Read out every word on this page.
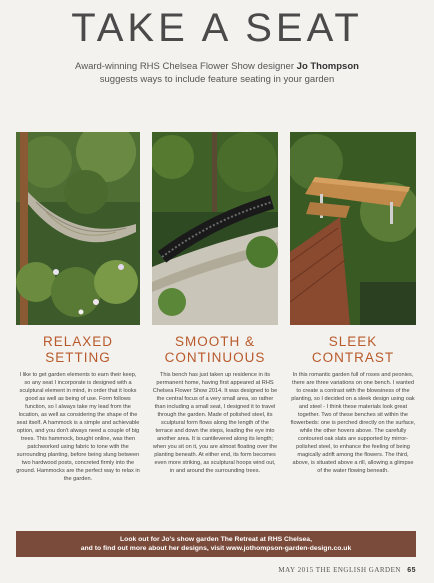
TAKE A SEAT
Award-winning RHS Chelsea Flower Show designer Jo Thompson
suggests ways to include feature seating in your garden
RELAXED
SETTING
I like to get garden elements to earn their keep, so any seat I incorporate is designed with a sculptural element in mind, in order that it looks good as well as being of use. Form follows function, so I always take my lead from the location, as well as considering the shape of the seat itself. A hammock is a simple and achievable option, and you don't always need a couple of big trees. This hammock, bought online, was then patchworked using fabric to tone with the surrounding planting, before being slung between two hardwood posts, concreted firmly into the ground. Hammocks are the perfect way to relax in the garden.
SMOOTH &
CONTINUOUS
This bench has just taken up residence in its permanent home, having first appeared at RHS Chelsea Flower Show 2014. It was designed to be the central focus of a very small area, so rather than including a small seat, I designed it to travel through the garden. Made of polished steel, its sculptural form flows along the length of the terrace and down the steps, leading the eye into another area. It is cantilevered along its length; when you sit on it, you are almost floating over the planting beneath. At either end, its form becomes even more striking, as sculptural hoops wind out, in and around the surrounding trees.
SLEEK
CONTRAST
In this romantic garden full of roses and peonies, there are three variations on one bench. I wanted to create a contrast with the blowsiness of the planting, so I decided on a sleek design using oak and steel - I think these materials look great together. Two of these benches sit within the flowerbeds: one is perched directly on the surface, while the other hovers above. The carefully contoured oak slats are supported by mirror-polished steel, to enhance the feeling of being magically adrift among the flowers. The third, above, is situated above a rill, allowing a glimpse of the water flowing beneath.
Look out for Jo's show garden The Retreat at RHS Chelsea,
and to find out more about her designs, visit www.jothompson-garden-design.co.uk
MAY 2015 THE ENGLISH GARDEN 65
